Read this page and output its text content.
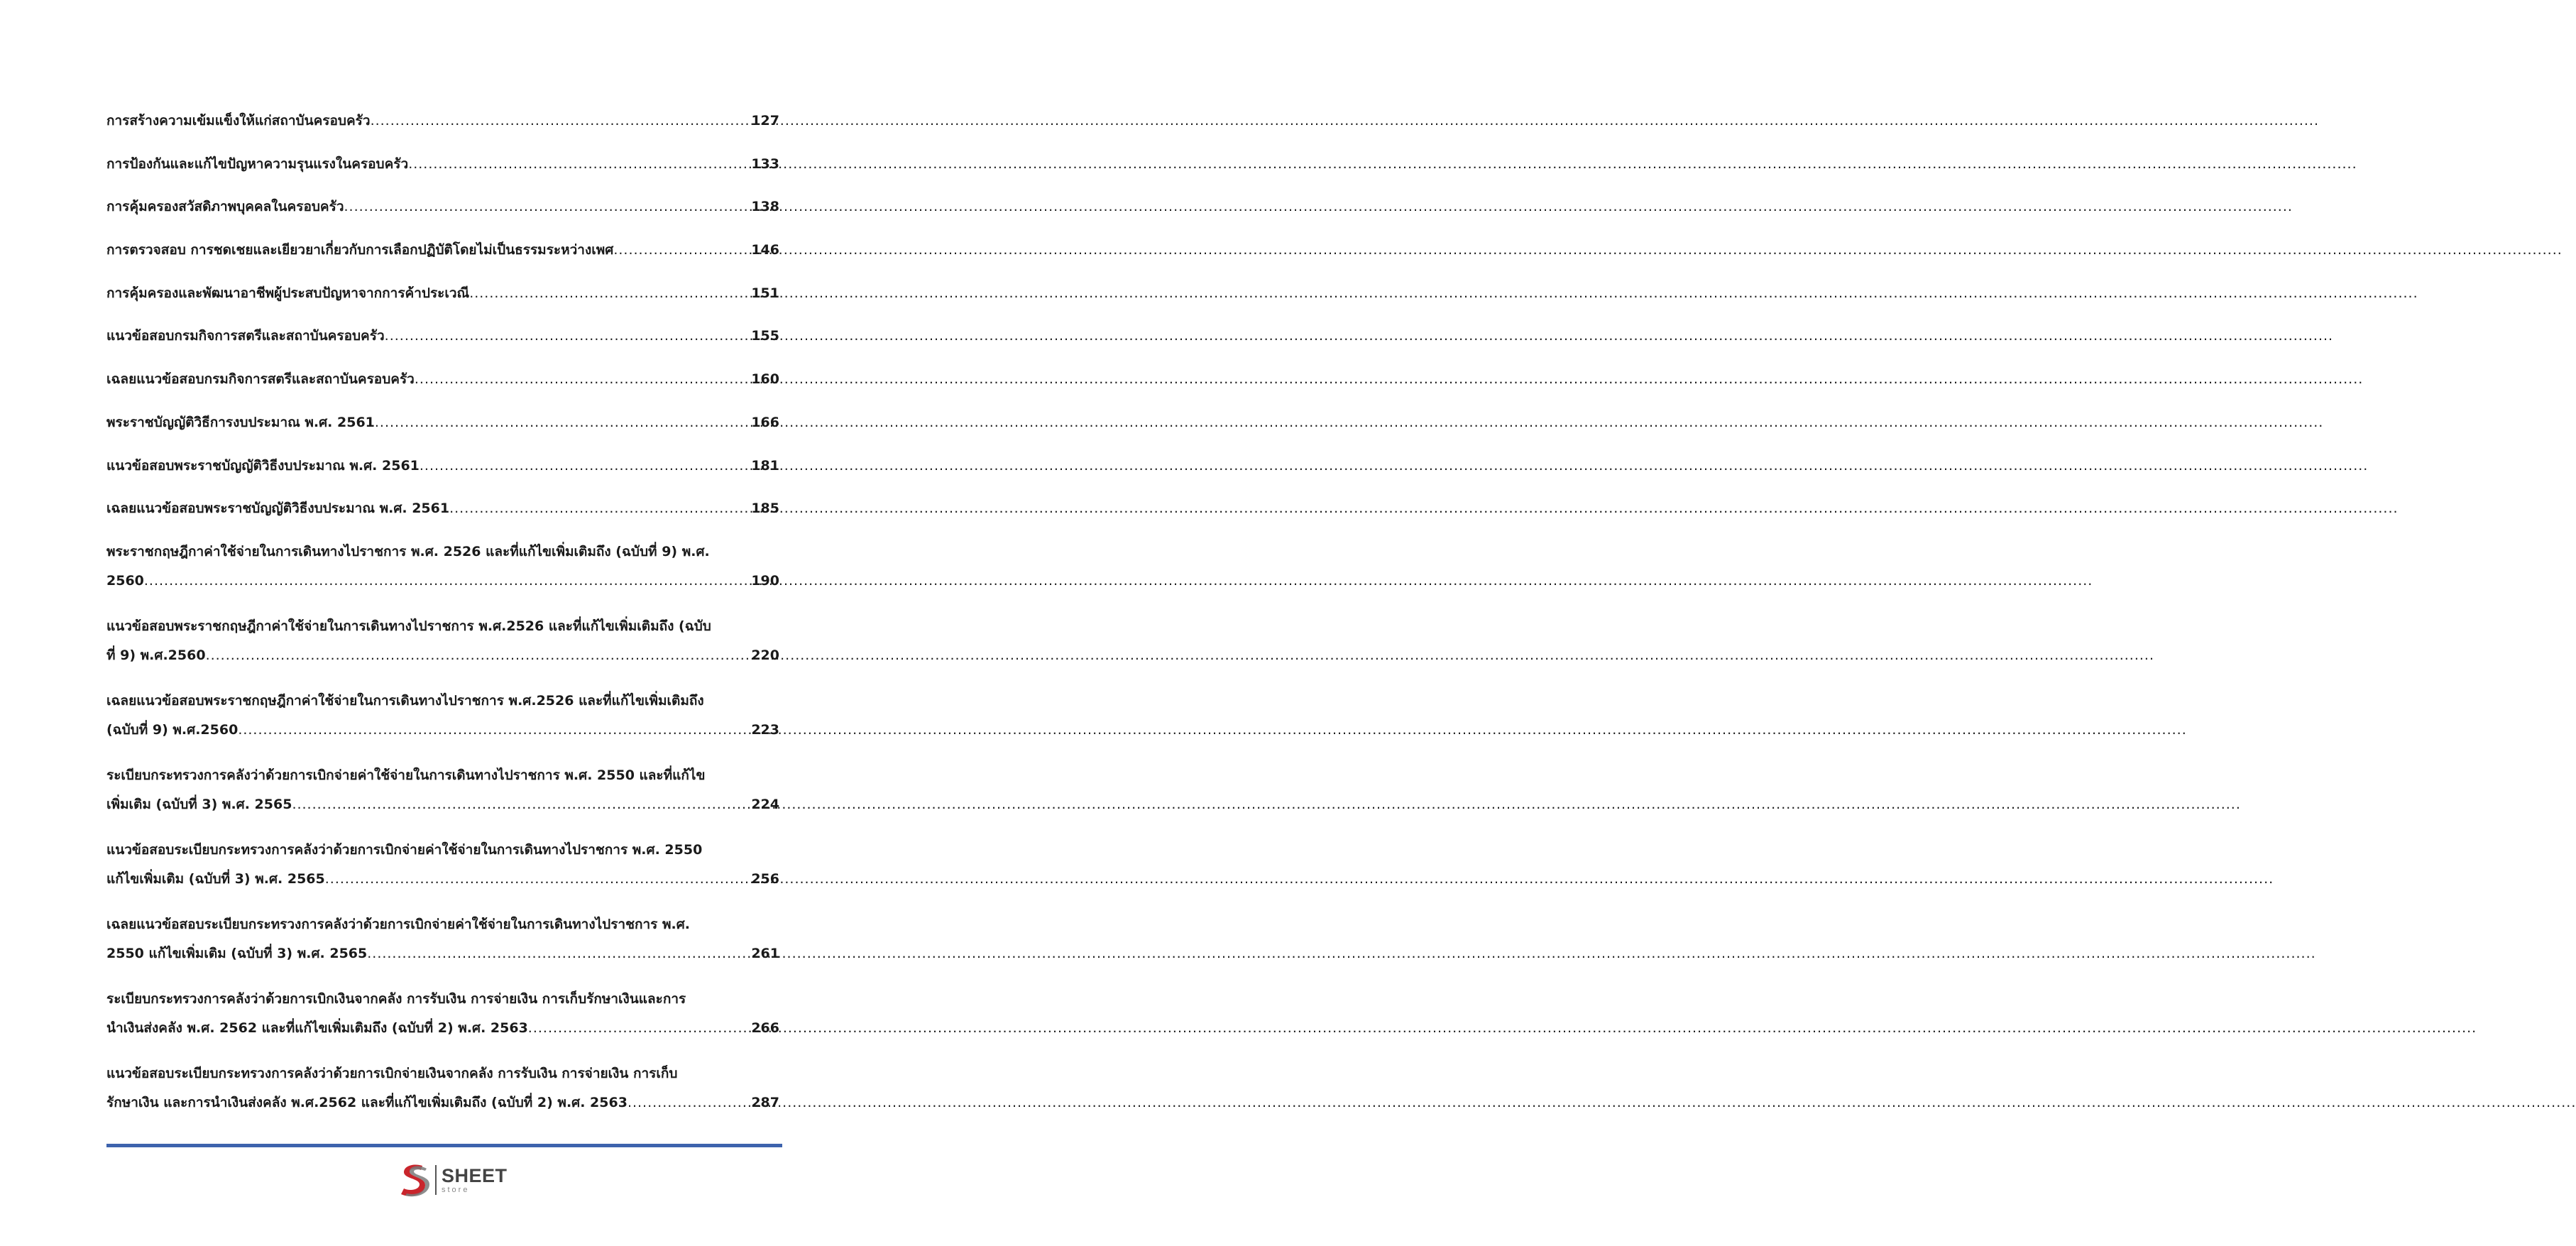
การสร้างความเข้มแข็งให้แก่สถาบันครอบครัว .....	127
การป้องกันและแก้ไขปัญหาความรุนแรงในครอบครัว .....	133
การคุ้มครองสวัสดิภาพบุคคลในครอบครัว .....	138
การตรวจสอบ การชดเชยและเยียวยาเกี่ยวกับการเลือกปฏิบัติโดยไม่เป็นธรรมระหว่างเพศ .....	146
การคุ้มครองและพัฒนาอาชีพผู้ประสบปัญหาจากการค้าประเวณี .....	151
แนวข้อสอบกรมกิจการสตรีและสถาบันครอบครัว .....	155
เฉลยแนวข้อสอบกรมกิจการสตรีและสถาบันครอบครัว .....	160
พระราชบัญญัติวิธีการงบประมาณ พ.ศ. 2561 .....	166
แนวข้อสอบพระราชบัญญัติวิธีงบประมาณ พ.ศ. 2561 .....	181
เฉลยแนวข้อสอบพระราชบัญญัติวิธีงบประมาณ พ.ศ. 2561 .....	185
พระราชกฤษฎีกาค่าใช้จ่ายในการเดินทางไปราชการ พ.ศ. 2526 และที่แก้ไขเพิ่มเติมถึง (ฉบับที่ 9) พ.ศ.
2560 .....	190
แนวข้อสอบพระราชกฤษฎีกาค่าใช้จ่ายในการเดินทางไปราชการ พ.ศ.2526 และที่แก้ไขเพิ่มเติมถึง (ฉบับ
ที่ 9) พ.ศ.2560 .....	220
เฉลยแนวข้อสอบพระราชกฤษฎีกาค่าใช้จ่ายในการเดินทางไปราชการ พ.ศ.2526 และที่แก้ไขเพิ่มเติมถึง
(ฉบับที่ 9) พ.ศ.2560 .....	223
ระเบียบกระทรวงการคลังว่าด้วยการเบิกจ่ายค่าใช้จ่ายในการเดินทางไปราชการ พ.ศ. 2550 และที่แก้ไข
เพิ่มเติม (ฉบับที่ 3) พ.ศ. 2565 .....	224
แนวข้อสอบระเบียบกระทรวงการคลังว่าด้วยการเบิกจ่ายค่าใช้จ่ายในการเดินทางไปราชการ พ.ศ. 2550
แก้ไขเพิ่มเติม (ฉบับที่ 3) พ.ศ. 2565 .....	256
เฉลยแนวข้อสอบระเบียบกระทรวงการคลังว่าด้วยการเบิกจ่ายค่าใช้จ่ายในการเดินทางไปราชการ พ.ศ.
2550 แก้ไขเพิ่มเติม (ฉบับที่ 3) พ.ศ. 2565 .....	261
ระเบียบกระทรวงการคลังว่าด้วยการเบิกเงินจากคลัง การรับเงิน การจ่ายเงิน การเก็บรักษาเงินและการ
นำเงินส่งคลัง พ.ศ. 2562 และที่แก้ไขเพิ่มเติมถึง (ฉบับที่ 2) พ.ศ. 2563 .....	266
แนวข้อสอบระเบียบกระทรวงการคลังว่าด้วยการเบิกจ่ายเงินจากคลัง การรับเงิน การจ่ายเงิน การเก็บ
รักษาเงิน และการนำเงินส่งคลัง พ.ศ.2562 และที่แก้ไขเพิ่มเติมถึง (ฉบับที่ 2) พ.ศ. 2563 .....	287
SHEET
store
